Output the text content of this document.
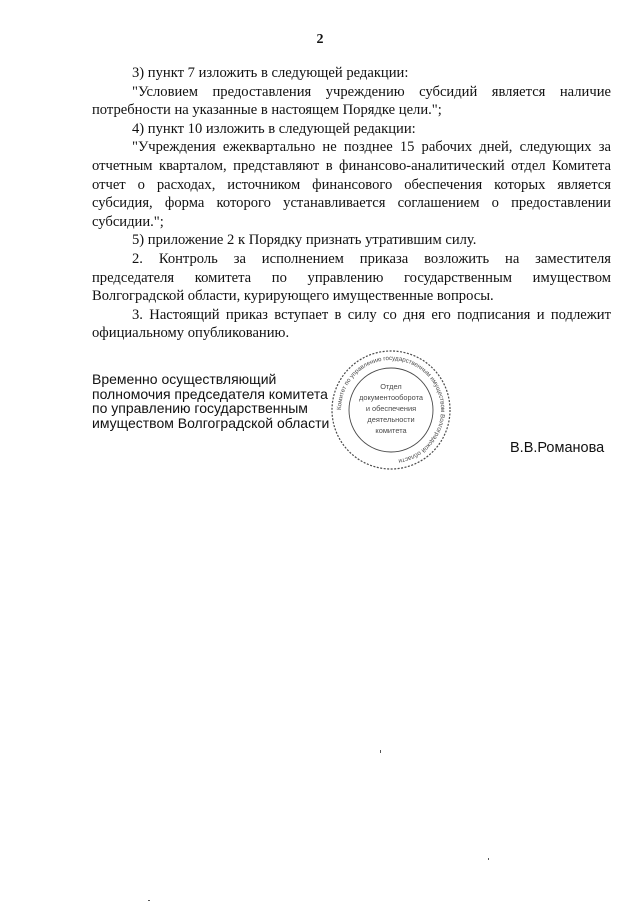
2

3) пункт 7 изложить в следующей редакции:

"Условием предоставления учреждению субсидий является наличие потребности на указанные в настоящем Порядке цели.";

4) пункт 10 изложить в следующей редакции:

"Учреждения ежеквартально не позднее 15 рабочих дней, следующих за отчетным кварталом, представляют в финансово-аналитический отдел Комитета отчет о расходах, источником финансового обеспечения которых является субсидия, форма которого устанавливается соглашением о предоставлении субсидии.";

5) приложение 2 к Порядку признать утратившим силу.

2. Контроль за исполнением приказа возложить на заместителя председателя комитета по управлению государственным имуществом Волгоградской области, курирующего имущественные вопросы.

3. Настоящий приказ вступает в силу со дня его подписания и подлежит официальному опубликованию.

Временно осуществляющий
полномочия председателя комитета
по управлению государственным
имуществом Волгоградской области
Комитет по управлению государственным имуществом Волгоградской области
Отдел
документооборота
и обеспечения
деятельности
комитета
В.В.Романова
